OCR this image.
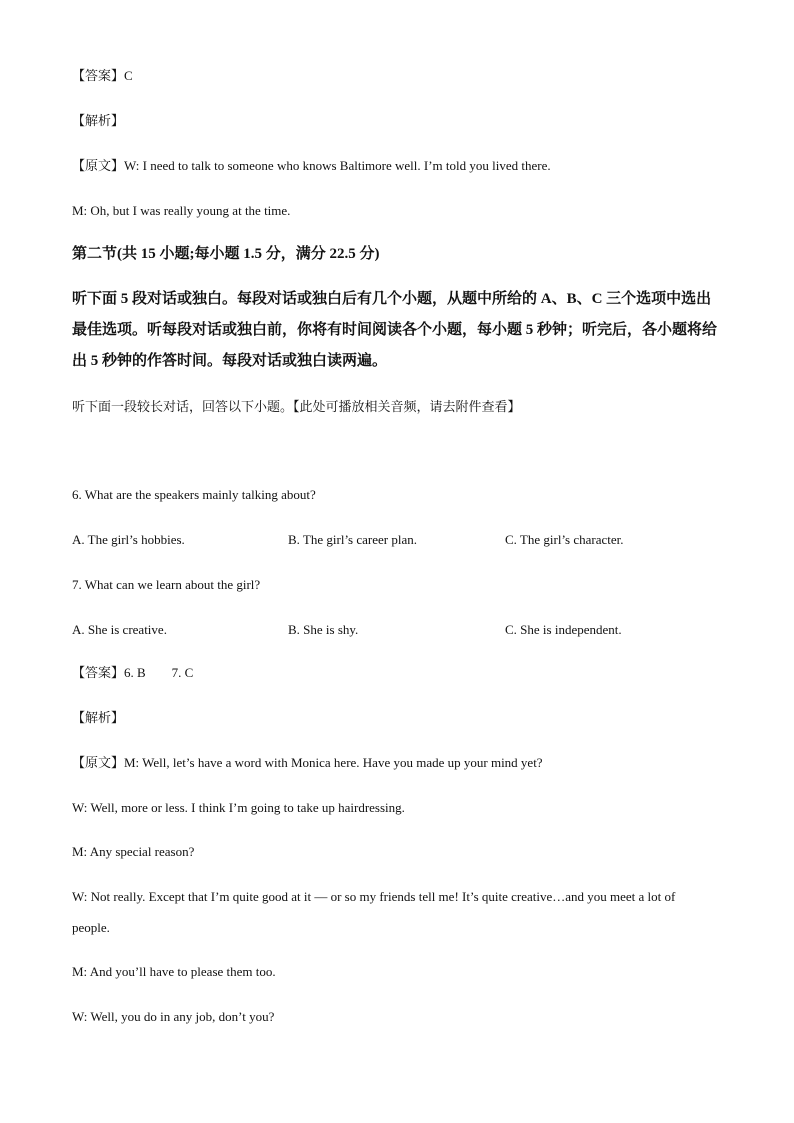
【答案】C
【解析】
【原文】W: I need to talk to someone who knows Baltimore well. I’m told you lived there.
M: Oh, but I was really young at the time.
第二节(共 15 小题;每小题 1.5 分，满分 22.5 分)
听下面 5 段对话或独白。每段对话或独白后有几个小题，从题中所给的 A、B、C 三个选项中选出最佳选项。听每段对话或独白前，你将有时间阅读各个小题，每小题 5 秒钟；听完后，各小题将给出 5 秒钟的作答时间。每段对话或独白读两遍。
听下面一段较长对话，回答以下小题。【此处可播放相关音频，请去附件查看】
6. What are the speakers mainly talking about?
A. The girl’s hobbies.	B. The girl’s career plan.	C. The girl’s character.
7. What can we learn about the girl?
A. She is creative.	B. She is shy.	C. She is independent.
【答案】6. B        7. C
【解析】
【原文】M: Well, let’s have a word with Monica here. Have you made up your mind yet?
W: Well, more or less. I think I’m going to take up hairdressing.
M: Any special reason?
W: Not really. Except that I’m quite good at it — or so my friends tell me! It’s quite creative…and you meet a lot of
people.
M: And you’ll have to please them too.
W: Well, you do in any job, don’t you?
